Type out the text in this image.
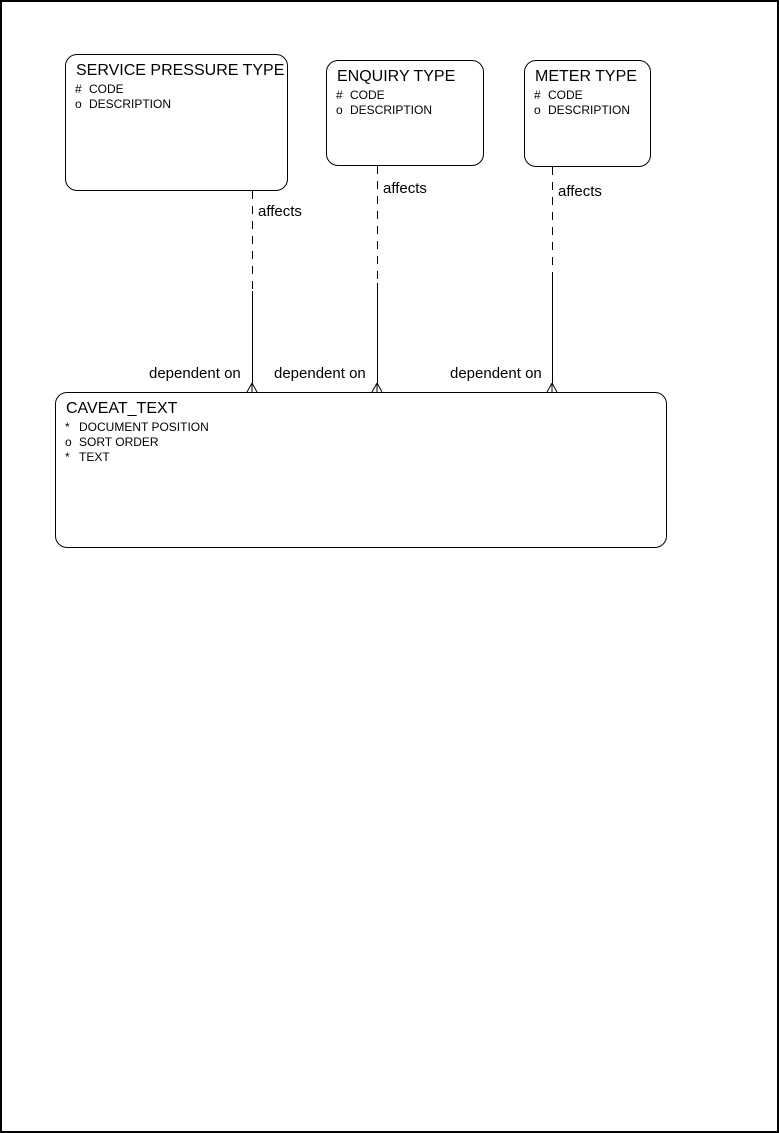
SERVICE PRESSURE TYPE
# CODE
o DESCRIPTION
ENQUIRY TYPE
# CODE
o DESCRIPTION
METER TYPE
# CODE
o DESCRIPTION
affects
dependent on
affects
dependent on
affects
dependent on
CAVEAT_TEXT
* DOCUMENT POSITION
o SORT ORDER
* TEXT
